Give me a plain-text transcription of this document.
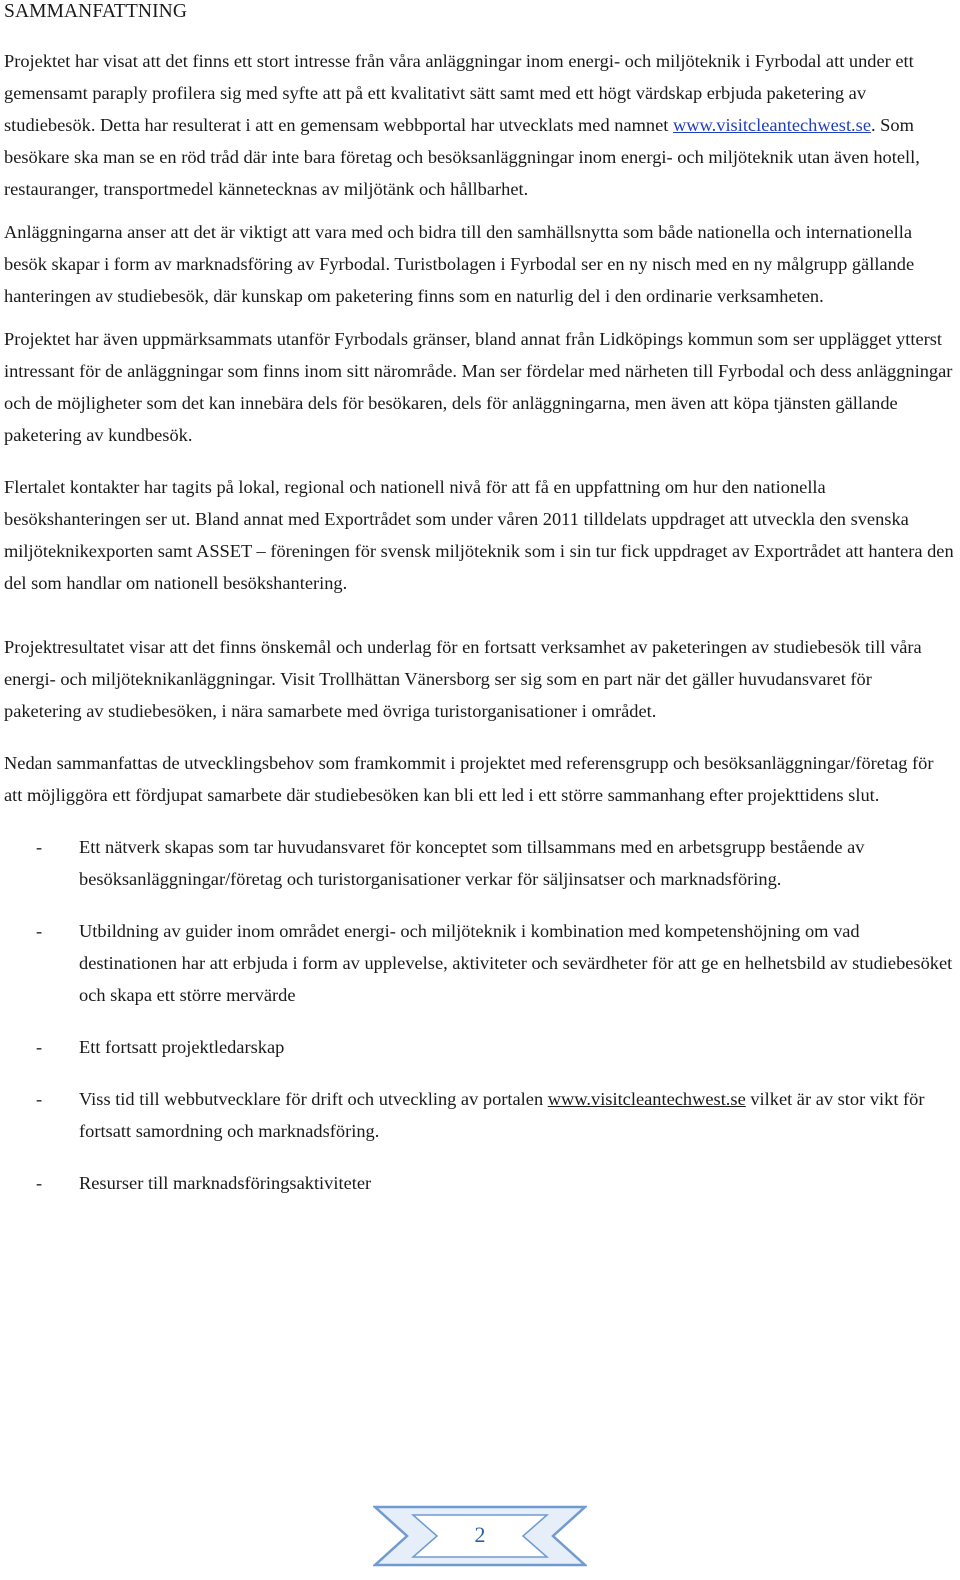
SAMMANFATTNING

Projektet har visat att det finns ett stort intresse från våra anläggningar inom energi- och miljöteknik i Fyrbodal att under ett gemensamt paraply profilera sig med syfte att på ett kvalitativt sätt samt med ett högt värdskap erbjuda paketering av studiebesök. Detta har resulterat i att en gemensam webbportal har utvecklats med namnet www.visitcleantechwest.se. Som besökare ska man se en röd tråd där inte bara företag och besöksanläggningar inom energi- och miljöteknik utan även hotell, restauranger, transportmedel kännetecknas av miljötänk och hållbarhet.

Anläggningarna anser att det är viktigt att vara med och bidra till den samhällsnytta som både nationella och internationella besök skapar i form av marknadsföring av Fyrbodal. Turistbolagen i Fyrbodal ser en ny nisch med en ny målgrupp gällande hanteringen av studiebesök, där kunskap om paketering finns som en naturlig del i den ordinarie verksamheten.

Projektet har även uppmärksammats utanför Fyrbodals gränser, bland annat från Lidköpings kommun som ser upplägget ytterst intressant för de anläggningar som finns inom sitt närområde. Man ser fördelar med närheten till Fyrbodal och dess anläggningar och de möjligheter som det kan innebära dels för besökaren, dels för anläggningarna, men även att köpa tjänsten gällande paketering av kundbesök.

Flertalet kontakter har tagits på lokal, regional och nationell nivå för att få en uppfattning om hur den nationella besökshanteringen ser ut. Bland annat med Exportrådet som under våren 2011 tilldelats uppdraget att utveckla den svenska miljöteknikexporten samt ASSET – föreningen för svensk miljöteknik som i sin tur fick uppdraget av Exportrådet att hantera den del som handlar om nationell besökshantering.

Projektresultatet visar att det finns önskemål och underlag för en fortsatt verksamhet av paketeringen av studiebesök till våra energi- och miljöteknikanläggningar. Visit Trollhättan Vänersborg ser sig som en part när det gäller huvudansvaret för paketering av studiebesöken, i nära samarbete med övriga turistorganisationer i området.

Nedan sammanfattas de utvecklingsbehov som framkommit i projektet med referensgrupp och besöksanläggningar/företag för att möjliggöra ett fördjupat samarbete där studiebesöken kan bli ett led i ett större sammanhang efter projekttidens slut.

- Ett nätverk skapas som tar huvudansvaret för konceptet som tillsammans med en arbetsgrupp bestående av besöksanläggningar/företag och turistorganisationer verkar för säljinsatser och marknadsföring.
- Utbildning av guider inom området energi- och miljöteknik i kombination med kompetenshöjning om vad destinationen har att erbjuda i form av upplevelse, aktiviteter och sevärdheter för att ge en helhetsbild av studiebesöket och skapa ett större mervärde
- Ett fortsatt projektledarskap
- Viss tid till webbutvecklare för drift och utveckling av portalen www.visitcleantechwest.se vilket är av stor vikt för fortsatt samordning och marknadsföring.
- Resurser till marknadsföringsaktiviteter
2
